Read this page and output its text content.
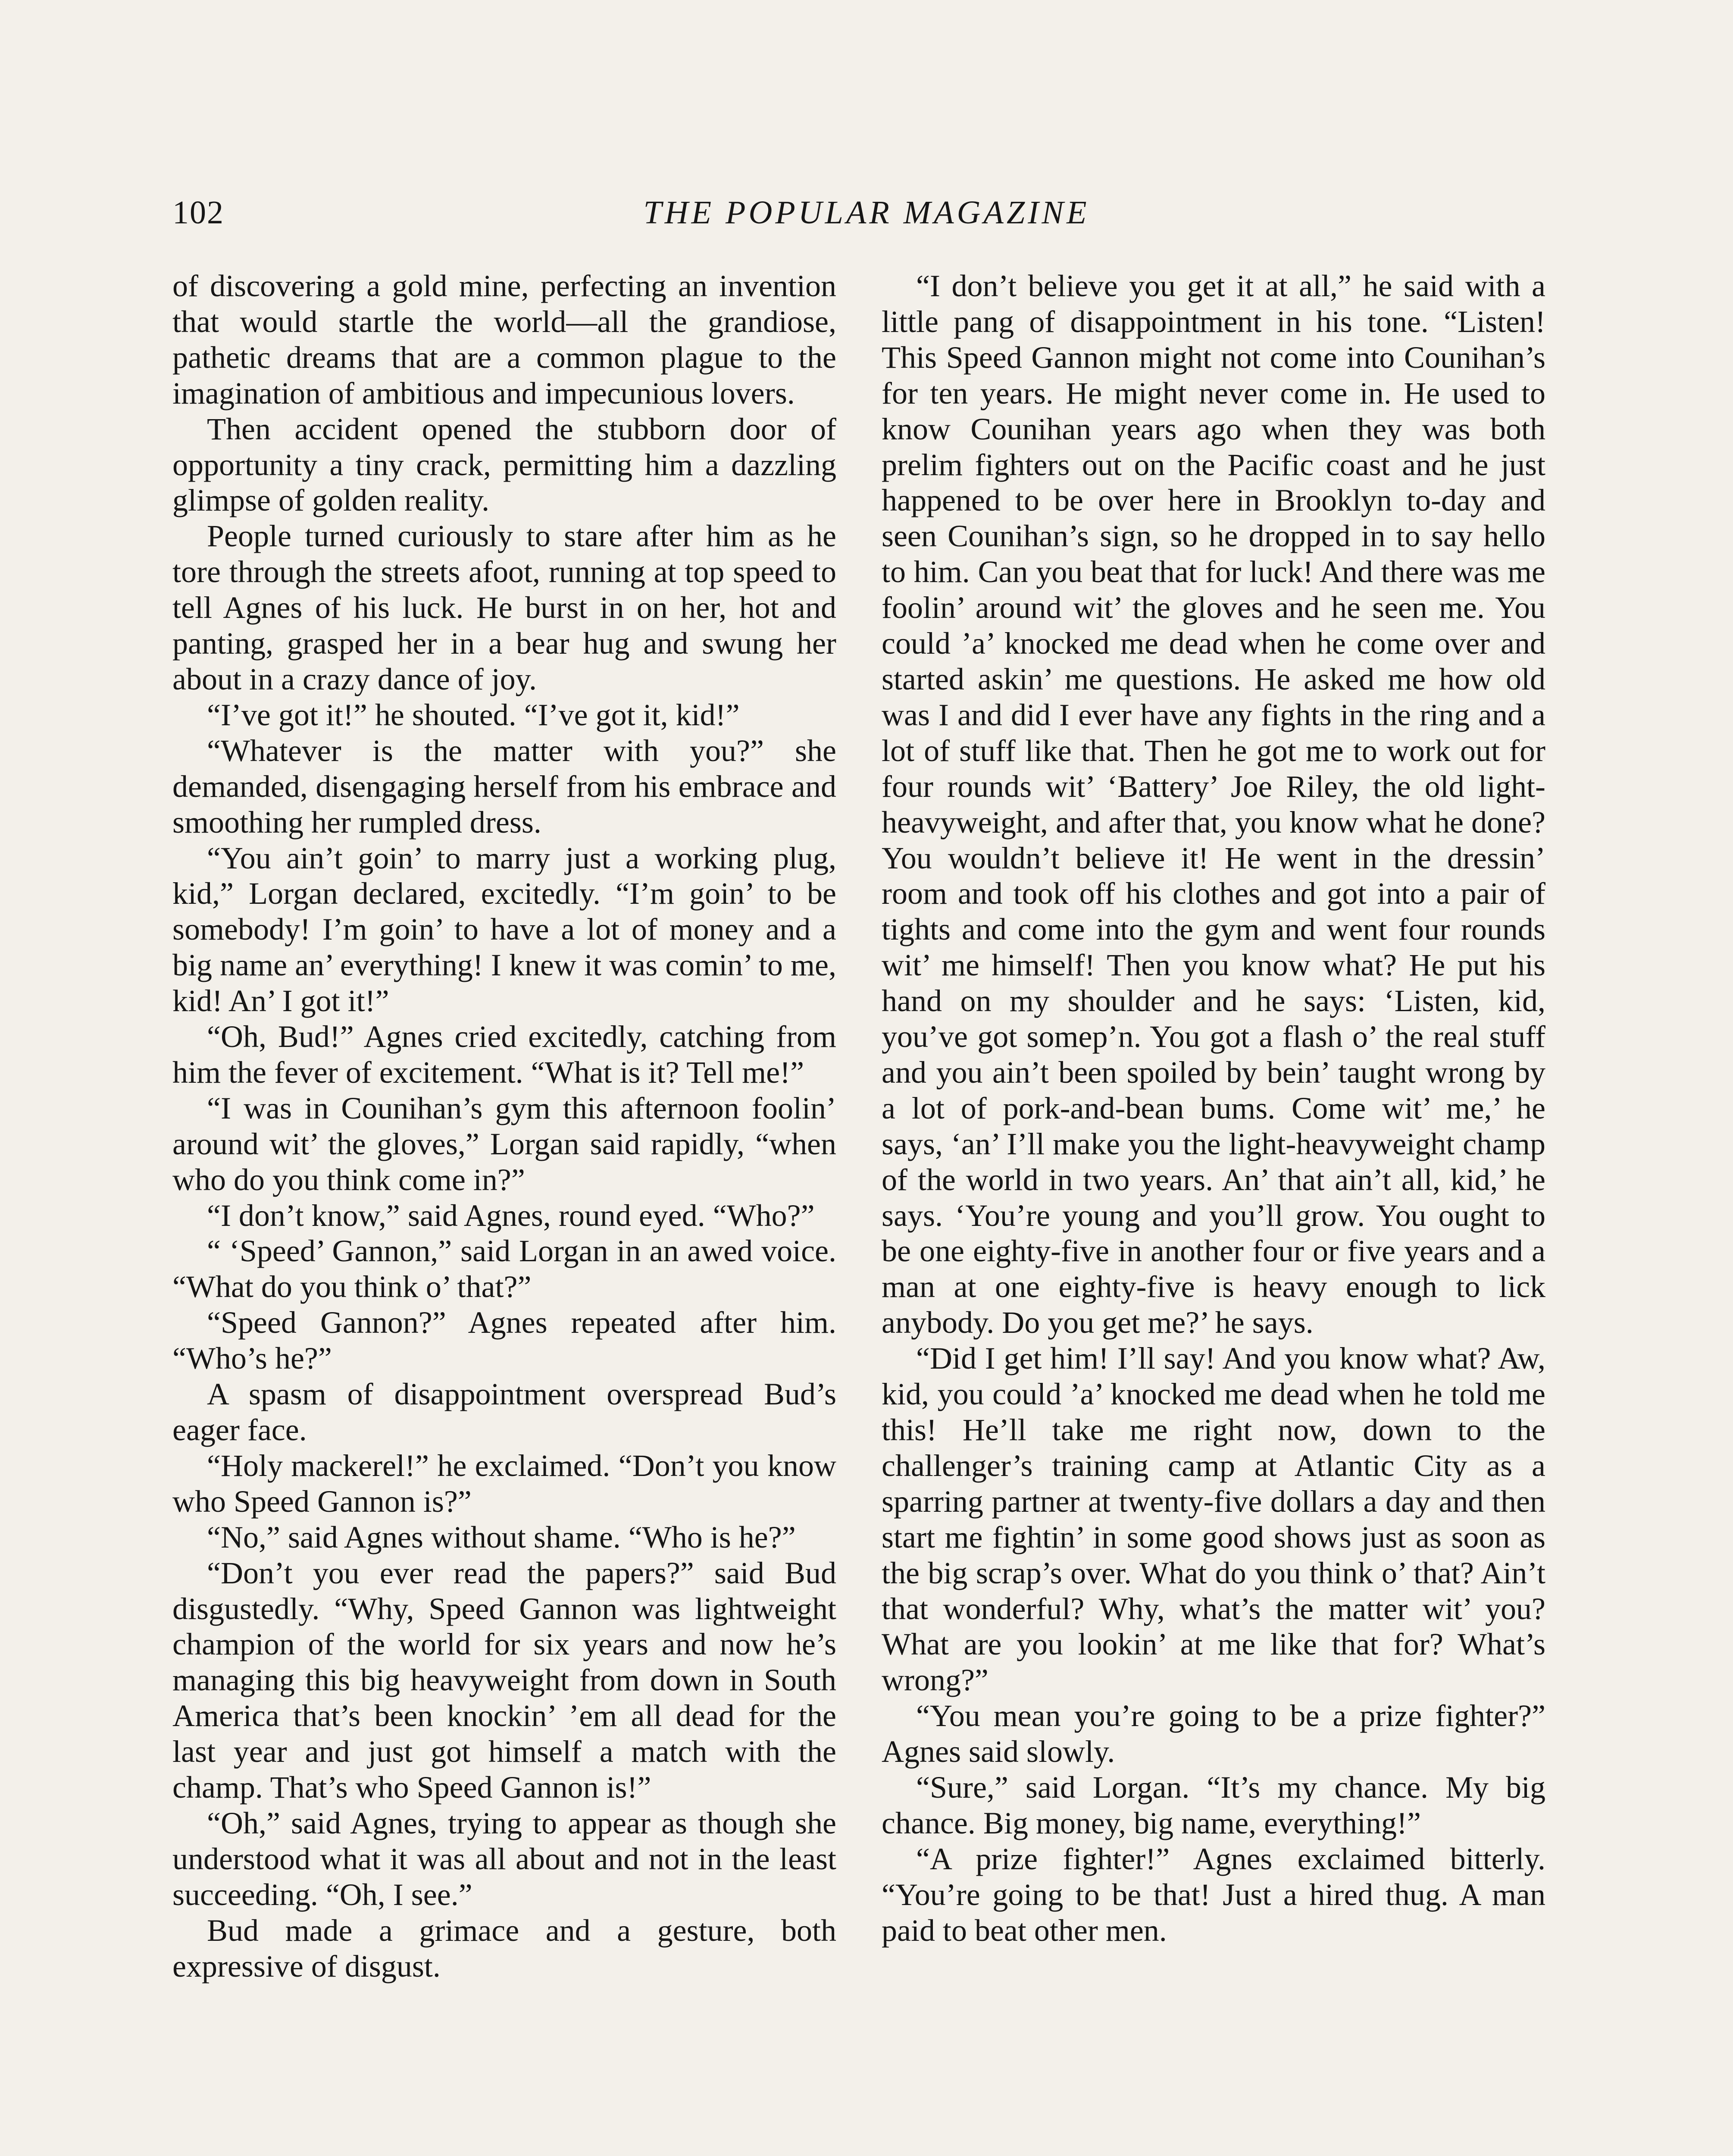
102	THE POPULAR MAGAZINE

of discovering a gold mine, perfecting an invention that would startle the world—all the grandiose, pathetic dreams that are a common plague to the imagination of ambitious and impecunious lovers.

Then accident opened the stubborn door of opportunity a tiny crack, permitting him a dazzling glimpse of golden reality.

People turned curiously to stare after him as he tore through the streets afoot, running at top speed to tell Agnes of his luck. He burst in on her, hot and panting, grasped her in a bear hug and swung her about in a crazy dance of joy.

“I’ve got it!” he shouted. “I’ve got it, kid!”

“Whatever is the matter with you?” she demanded, disengaging herself from his embrace and smoothing her rumpled dress.

“You ain’t goin’ to marry just a working plug, kid,” Lorgan declared, excitedly. “I’m goin’ to be somebody! I’m goin’ to have a lot of money and a big name an’ everything! I knew it was comin’ to me, kid! An’ I got it!”

“Oh, Bud!” Agnes cried excitedly, catching from him the fever of excitement. “What is it? Tell me!”

“I was in Counihan’s gym this afternoon foolin’ around wit’ the gloves,” Lorgan said rapidly, “when who do you think come in?”

“I don’t know,” said Agnes, round eyed. “Who?”

“ ‘Speed’ Gannon,” said Lorgan in an awed voice. “What do you think o’ that?”

“Speed Gannon?” Agnes repeated after him. “Who’s he?”

A spasm of disappointment overspread Bud’s eager face.

“Holy mackerel!” he exclaimed. “Don’t you know who Speed Gannon is?”

“No,” said Agnes without shame. “Who is he?”

“Don’t you ever read the papers?” said Bud disgustedly. “Why, Speed Gannon was lightweight champion of the world for six years and now he’s managing this big heavyweight from down in South America that’s been knockin’ ’em all dead for the last year and just got himself a match with the champ. That’s who Speed Gannon is!”

“Oh,” said Agnes, trying to appear as though she understood what it was all about and not in the least succeeding. “Oh, I see.”

Bud made a grimace and a gesture, both expressive of disgust.

“I don’t believe you get it at all,” he said with a little pang of disappointment in his tone. “Listen! This Speed Gannon might not come into Counihan’s for ten years. He might never come in. He used to know Counihan years ago when they was both prelim fighters out on the Pacific coast and he just happened to be over here in Brooklyn to-day and seen Counihan’s sign, so he dropped in to say hello to him. Can you beat that for luck! And there was me foolin’ around wit’ the gloves and he seen me. You could ’a’ knocked me dead when he come over and started askin’ me questions. He asked me how old was I and did I ever have any fights in the ring and a lot of stuff like that. Then he got me to work out for four rounds wit’ ‘Battery’ Joe Riley, the old light-heavyweight, and after that, you know what he done? You wouldn’t believe it! He went in the dressin’ room and took off his clothes and got into a pair of tights and come into the gym and went four rounds wit’ me himself! Then you know what? He put his hand on my shoulder and he says: ‘Listen, kid, you’ve got somep’n. You got a flash o’ the real stuff and you ain’t been spoiled by bein’ taught wrong by a lot of pork-and-bean bums. Come wit’ me,’ he says, ‘an’ I’ll make you the light-heavyweight champ of the world in two years. An’ that ain’t all, kid,’ he says. ‘You’re young and you’ll grow. You ought to be one eighty-five in another four or five years and a man at one eighty-five is heavy enough to lick anybody. Do you get me?’ he says.

“Did I get him! I’ll say! And you know what? Aw, kid, you could ’a’ knocked me dead when he told me this! He’ll take me right now, down to the challenger’s training camp at Atlantic City as a sparring partner at twenty-five dollars a day and then start me fightin’ in some good shows just as soon as the big scrap’s over. What do you think o’ that? Ain’t that wonderful? Why, what’s the matter wit’ you? What are you lookin’ at me like that for? What’s wrong?”

“You mean you’re going to be a prize fighter?” Agnes said slowly.

“Sure,” said Lorgan. “It’s my chance. My big chance. Big money, big name, everything!”

“A prize fighter!” Agnes exclaimed bitterly. “You’re going to be that! Just a hired thug. A man paid to beat other men.
